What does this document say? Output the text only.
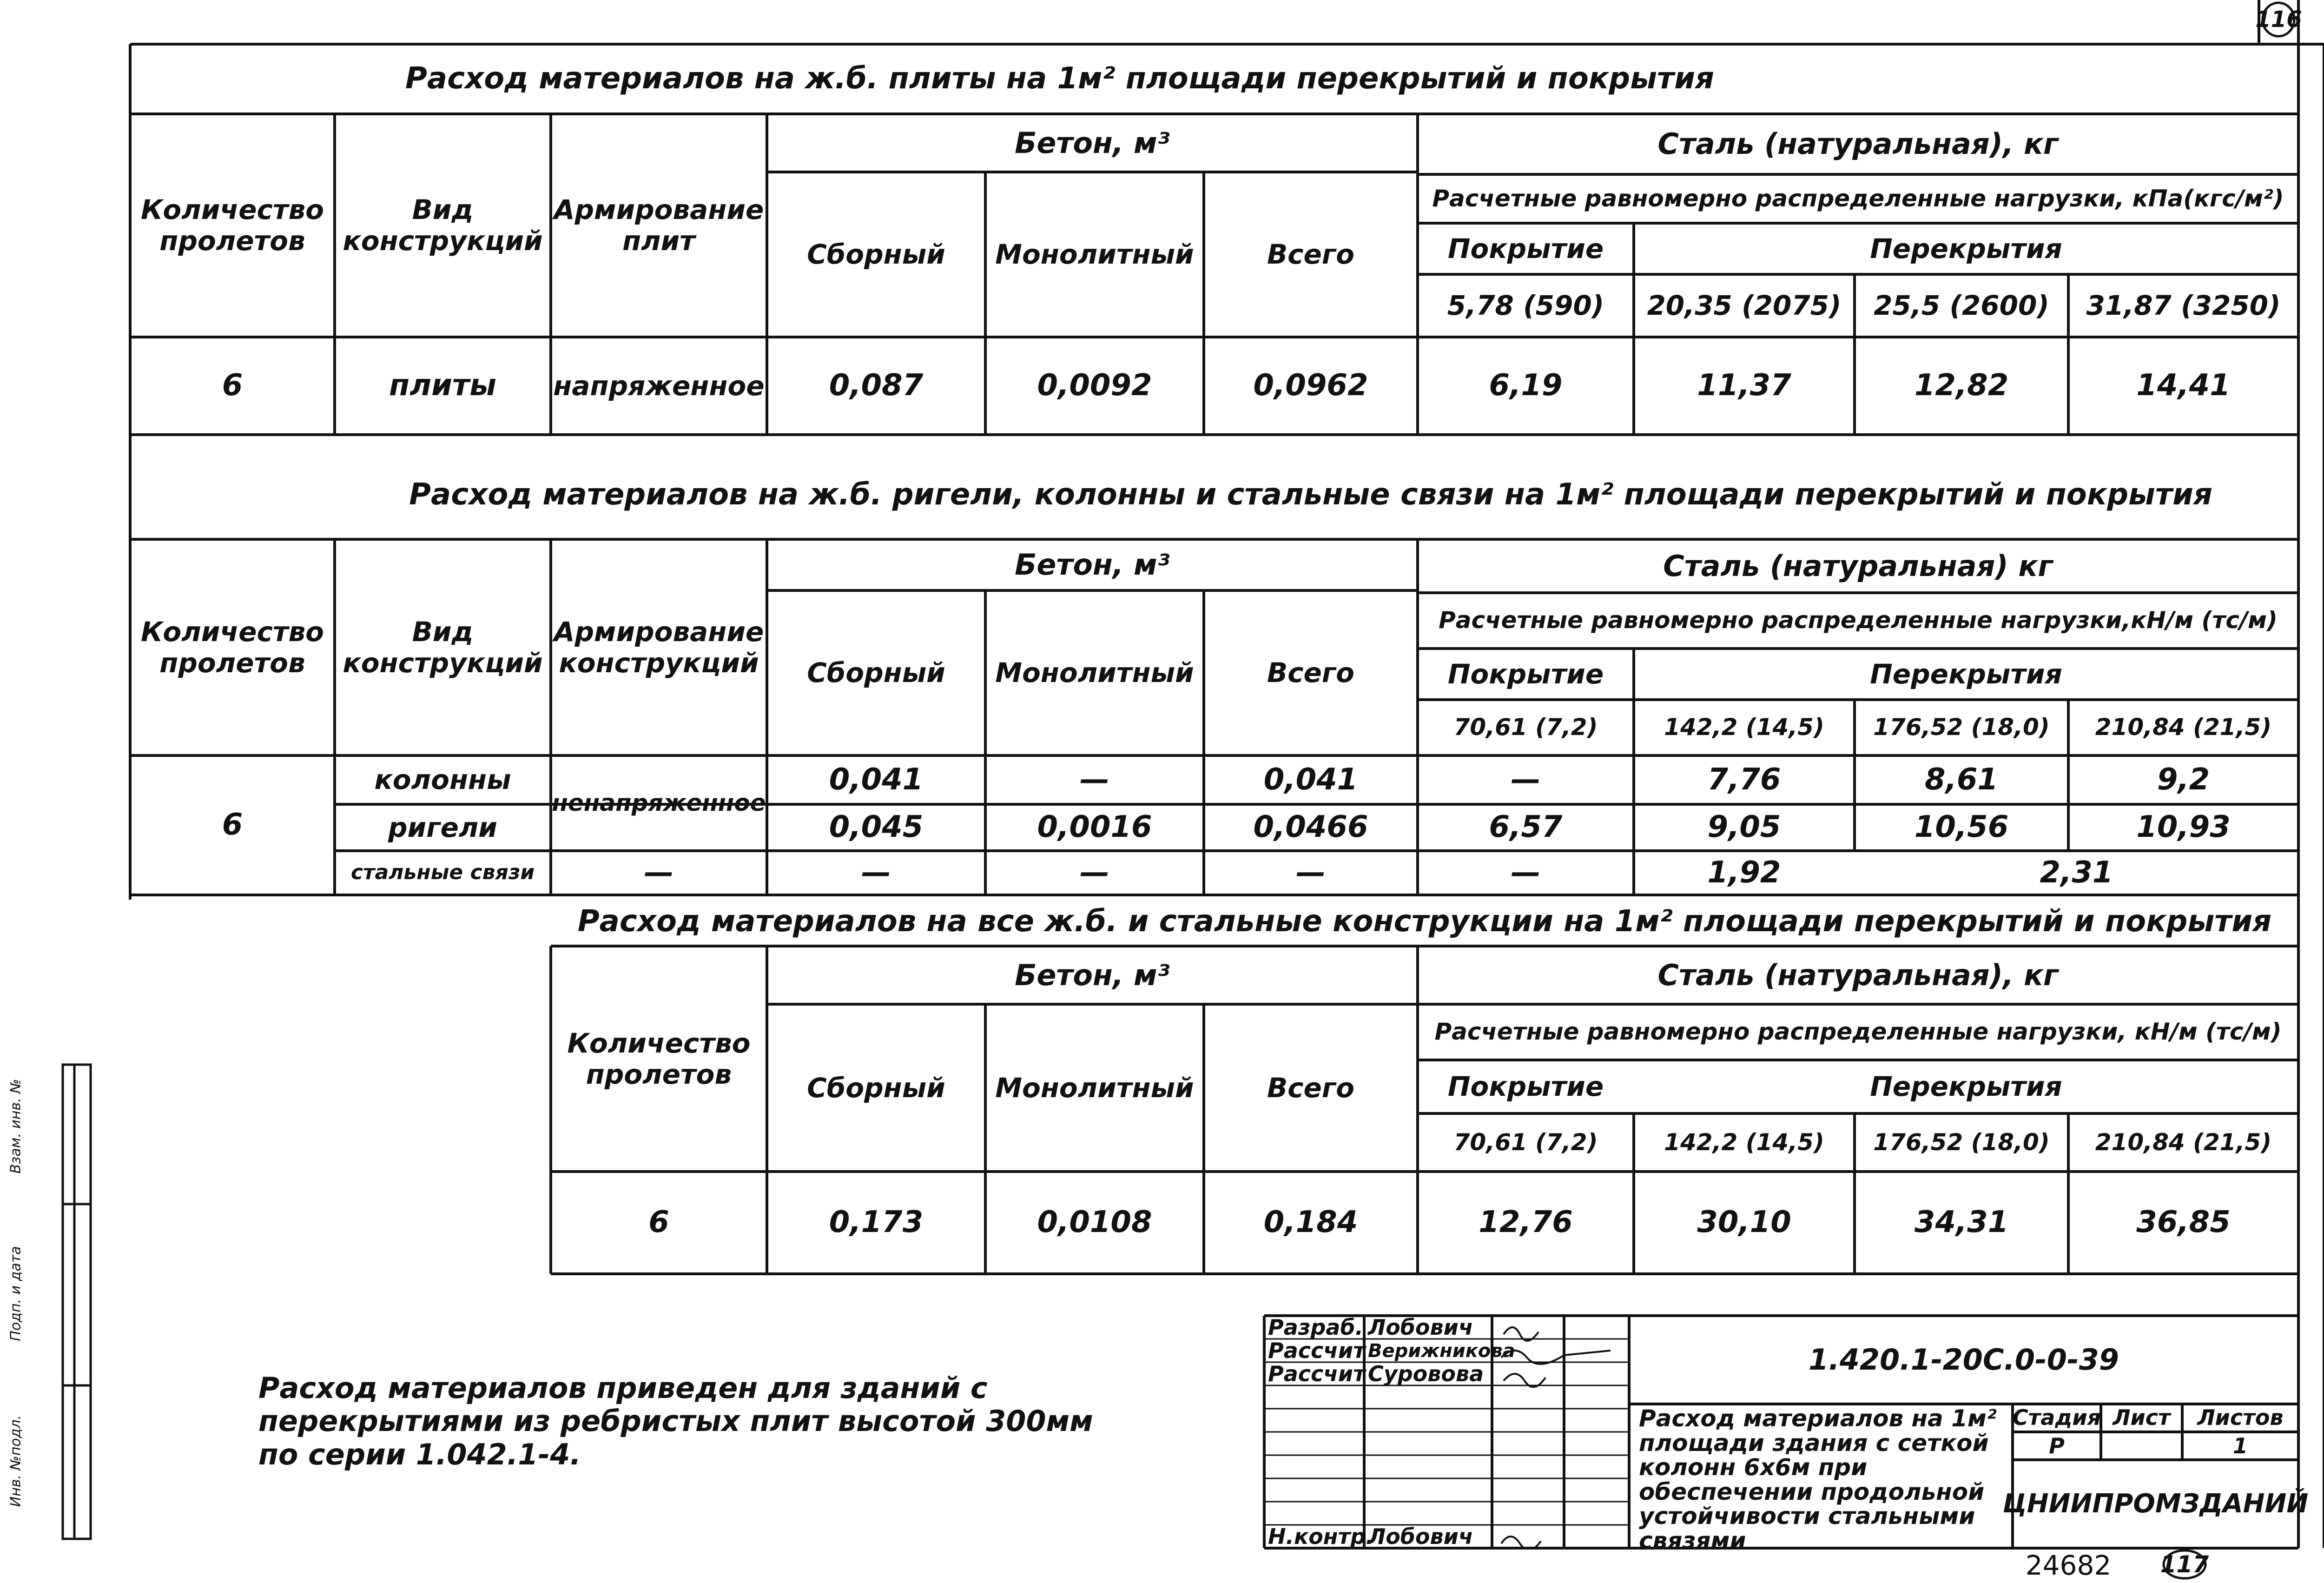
116
Расход материалов на ж.б. плиты на 1м² площади перекрытий и покрытия
Количество пролетов
Вид конструкций
Армирование плит
Бетон, м³
Сборный	Монолитный	Всего
Сталь (натуральная), кг
Расчетные равномерно распределенные нагрузки, кПа(кгс/м²)
Покрытие	Перекрытия
5,78 (590)	20,35 (2075)	25,5 (2600)	31,87 (3250)
6	плиты	напряженное	0,087	0,0092	0,0962	6,19	11,37	12,82	14,41
Расход материалов на ж.б. ригели, колонны и стальные связи на 1м² площади перекрытий и покрытия
Количество пролетов
Вид конструкций
Армирование конструкций
Бетон, м³
Сборный	Монолитный	Всего
Сталь (натуральная) кг
Расчетные равномерно распределенные нагрузки,кН/м (тс/м)
Покрытие	Перекрытия
70,61 (7,2)	142,2 (14,5)	176,52 (18,0)	210,84 (21,5)
6
ненапряженное
колонны	0,041	—	0,041	—	7,76	8,61	9,2
ригели	0,045	0,0016	0,0466	6,57	9,05	10,56	10,93
стальные связи	—	—	—	—	—	1,92	2,31
Расход материалов на все ж.б. и стальные конструкции на 1м² площади перекрытий и покрытия
Количество пролетов
Бетон, м³
Сборный	Монолитный	Всего
Сталь (натуральная), кг
Расчетные равномерно распределенные нагрузки, кН/м (тс/м)
Покрытие	Перекрытия
70,61 (7,2)	142,2 (14,5)	176,52 (18,0)	210,84 (21,5)
6	0,173	0,0108	0,184	12,76	30,10	34,31	36,85
Расход материалов приведен для зданий с перекрытиями из ребристых плит высотой 300мм по серии 1.042.1-4.
Разраб. Лобович
Рассчит Верижникова
Рассчит Суровова
Н.контр.
Лобович
1.420.1-20С.0-0-39
Расход материалов на 1м² площади здания с сеткой колонн 6х6м при обеспечении продольной устойчивости стальными связями
Стадия Лист	Листов
Р	1
ЦНИИПРОМЗДАНИЙ
24682	117
Взам. инв. №
Подп. и дата
Инв. №подл.
